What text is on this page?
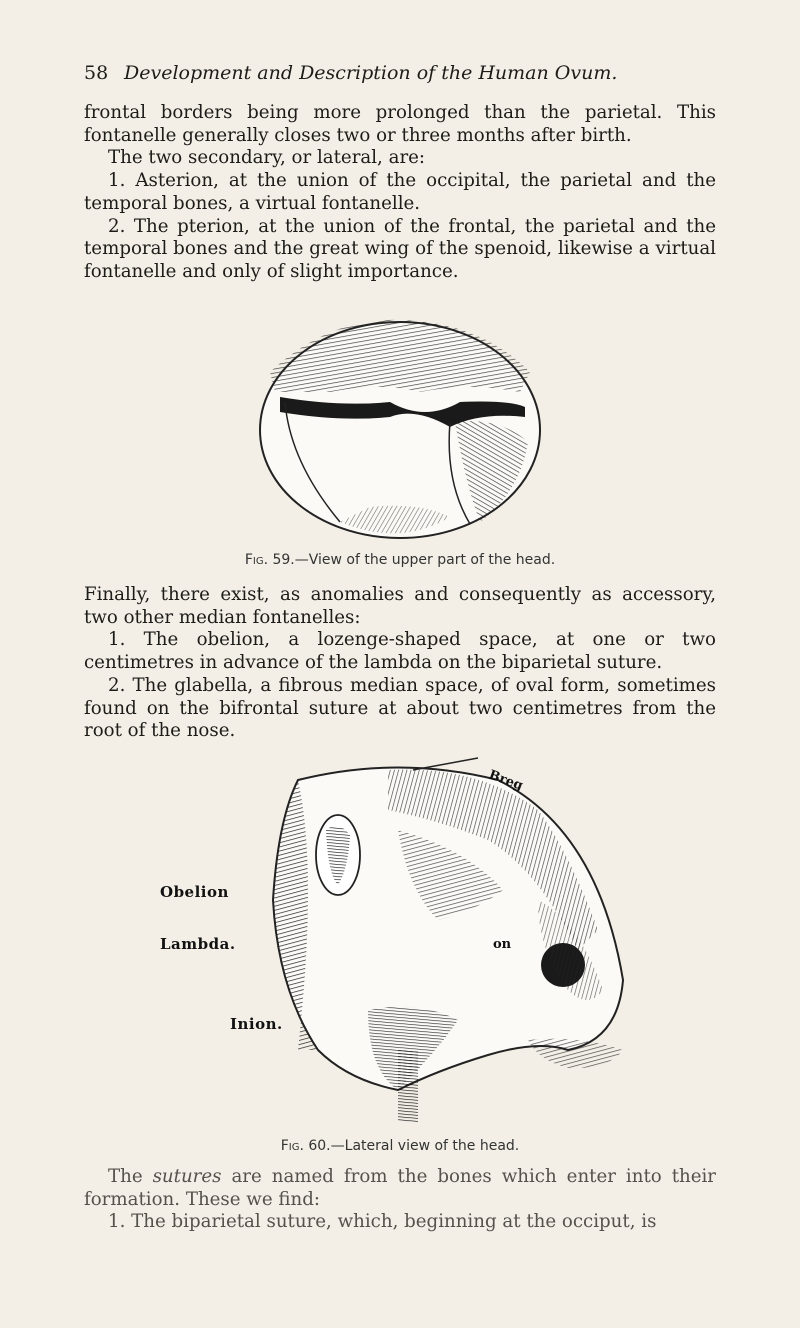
58 Development and Description of the Human Ovum.

frontal borders being more prolonged than the parietal. This fontanelle generally closes two or three months after birth.

The two secondary, or lateral, are:

1. Asterion, at the union of the occipital, the parietal and the temporal bones, a virtual fontanelle.

2. The pterion, at the union of the frontal, the parietal and the temporal bones and the great wing of the spenoid, likewise a virtual fontanelle and only of slight importance.

Fig. 59.—View of the upper part of the head.

Finally, there exist, as anomalies and consequently as accessory, two other median fontanelles:

1. The obelion, a lozenge-shaped space, at one or two centimetres in advance of the lambda on the biparietal suture.

2. The glabella, a fibrous median space, of oval form, sometimes found on the bifrontal suture at about two centimetres from the root of the nose.

Breg
on
Obelion
Lambda.
Inion.
Fig. 60.—Lateral view of the head.

The sutures are named from the bones which enter into their formation. These we find:

1. The biparietal suture, which, beginning at the occiput, is
